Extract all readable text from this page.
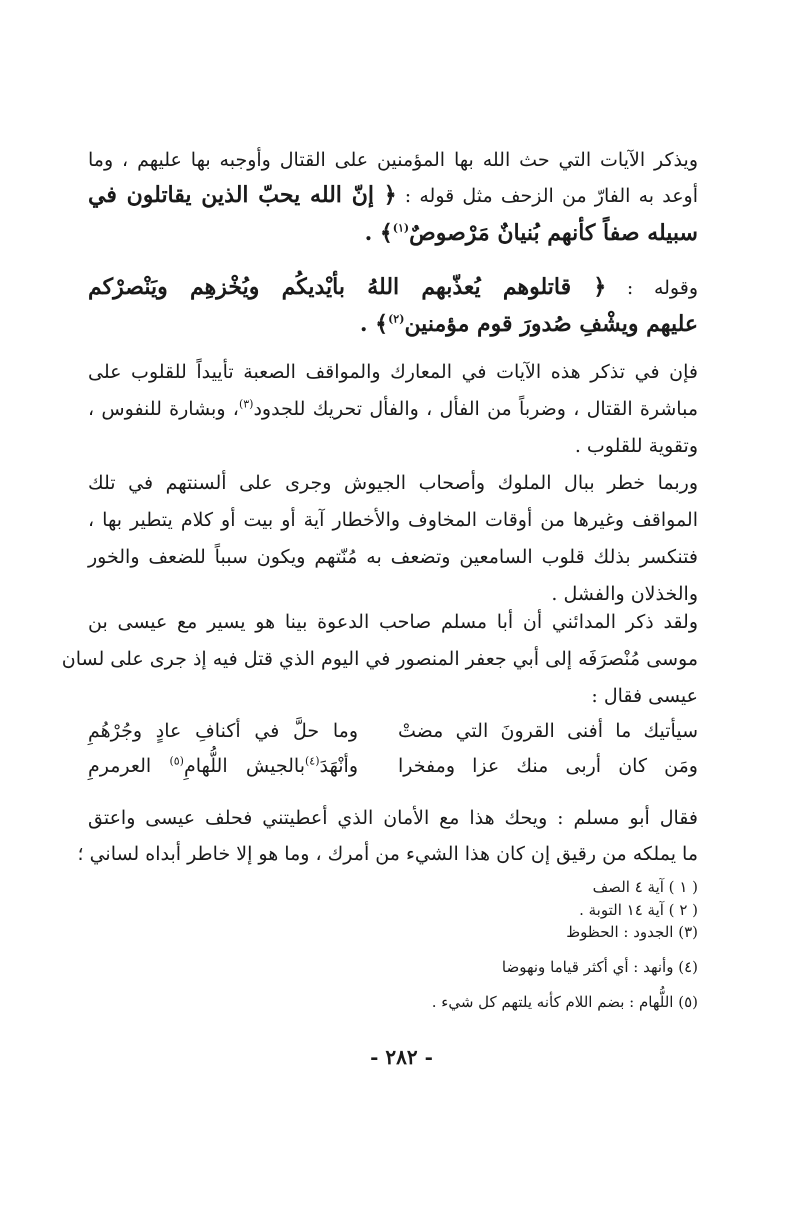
ويذكر الآيات التي حث الله بها المؤمنين على القتال وأوجبه بها عليهم ، وما
أوعد به الفارّ من الزحف مثل قوله : ﴿ إنّ الله يحبّ الذين يقاتلون في
سبيله صفاً كأنهم بُنيانٌ مَرْصوصٌ$^{(١)}$﴾ .
وقوله : ﴿ قاتلوهم يُعذّبهم اللهُ بأيْديكُم ويُخْزهِم ويَنْصرْكم
عليهم ويشْفِ صُدورَ قوم مؤمنين$^{(٢)}$﴾ .
فإن في تذكر هذه الآيات في المعارك والمواقف الصعبة تأييداً للقلوب على
مباشرة القتال ، وضرباً من الفأل ، والفأل تحريك للجدود$^{(٣)}$، وبشارة للنفوس ،
وتقوية للقلوب .
وربما خطر ببال الملوك وأصحاب الجيوش وجرى على ألسنتهم في تلك
المواقف وغيرها من أوقات المخاوف والأخطار آية أو بيت أو كلام يتطير بها ،
فتنكسر بذلك قلوب السامعين وتضعف به مُنّتهم ويكون سبباً للضعف والخور
والخذلان والفشل .
ولقد ذكر المدائني أن أبا مسلم صاحب الدعوة بينا هو يسير مع عيسى بن
موسى مُنْصرَفَه إلى أبي جعفر المنصور في اليوم الذي قتل فيه إذ جرى على لسان
عيسى فقال :
سيأتيك ما أفنى القرونَ التي مضتْ
وما حلَّ في أكنافِ عادٍ وجُرْهُمِ
ومَن كان أربى منك عزا ومفخرا
وأنْهَدَ$^{(٤)}$بالجيش اللُّهامِ$^{(٥)}$ العرمرمِ
فقال أبو مسلم : ويحك هذا مع الأمان الذي أعطيتني فحلف عيسى واعتق
ما يملكه من رقيق إن كان هذا الشيء من أمرك ، وما هو إلا خاطر أبداه لساني ؛
( ١ ) آية ٤ الصف
( ٢ ) آية ١٤ التوبة .
(٣) الجدود : الحظوظ
(٤) وأنهد : أي أكثر قياما ونهوضا
(٥) اللُّهام : بضم اللام كأنه يلتهم كل شيء .
- ٢٨٢ -
